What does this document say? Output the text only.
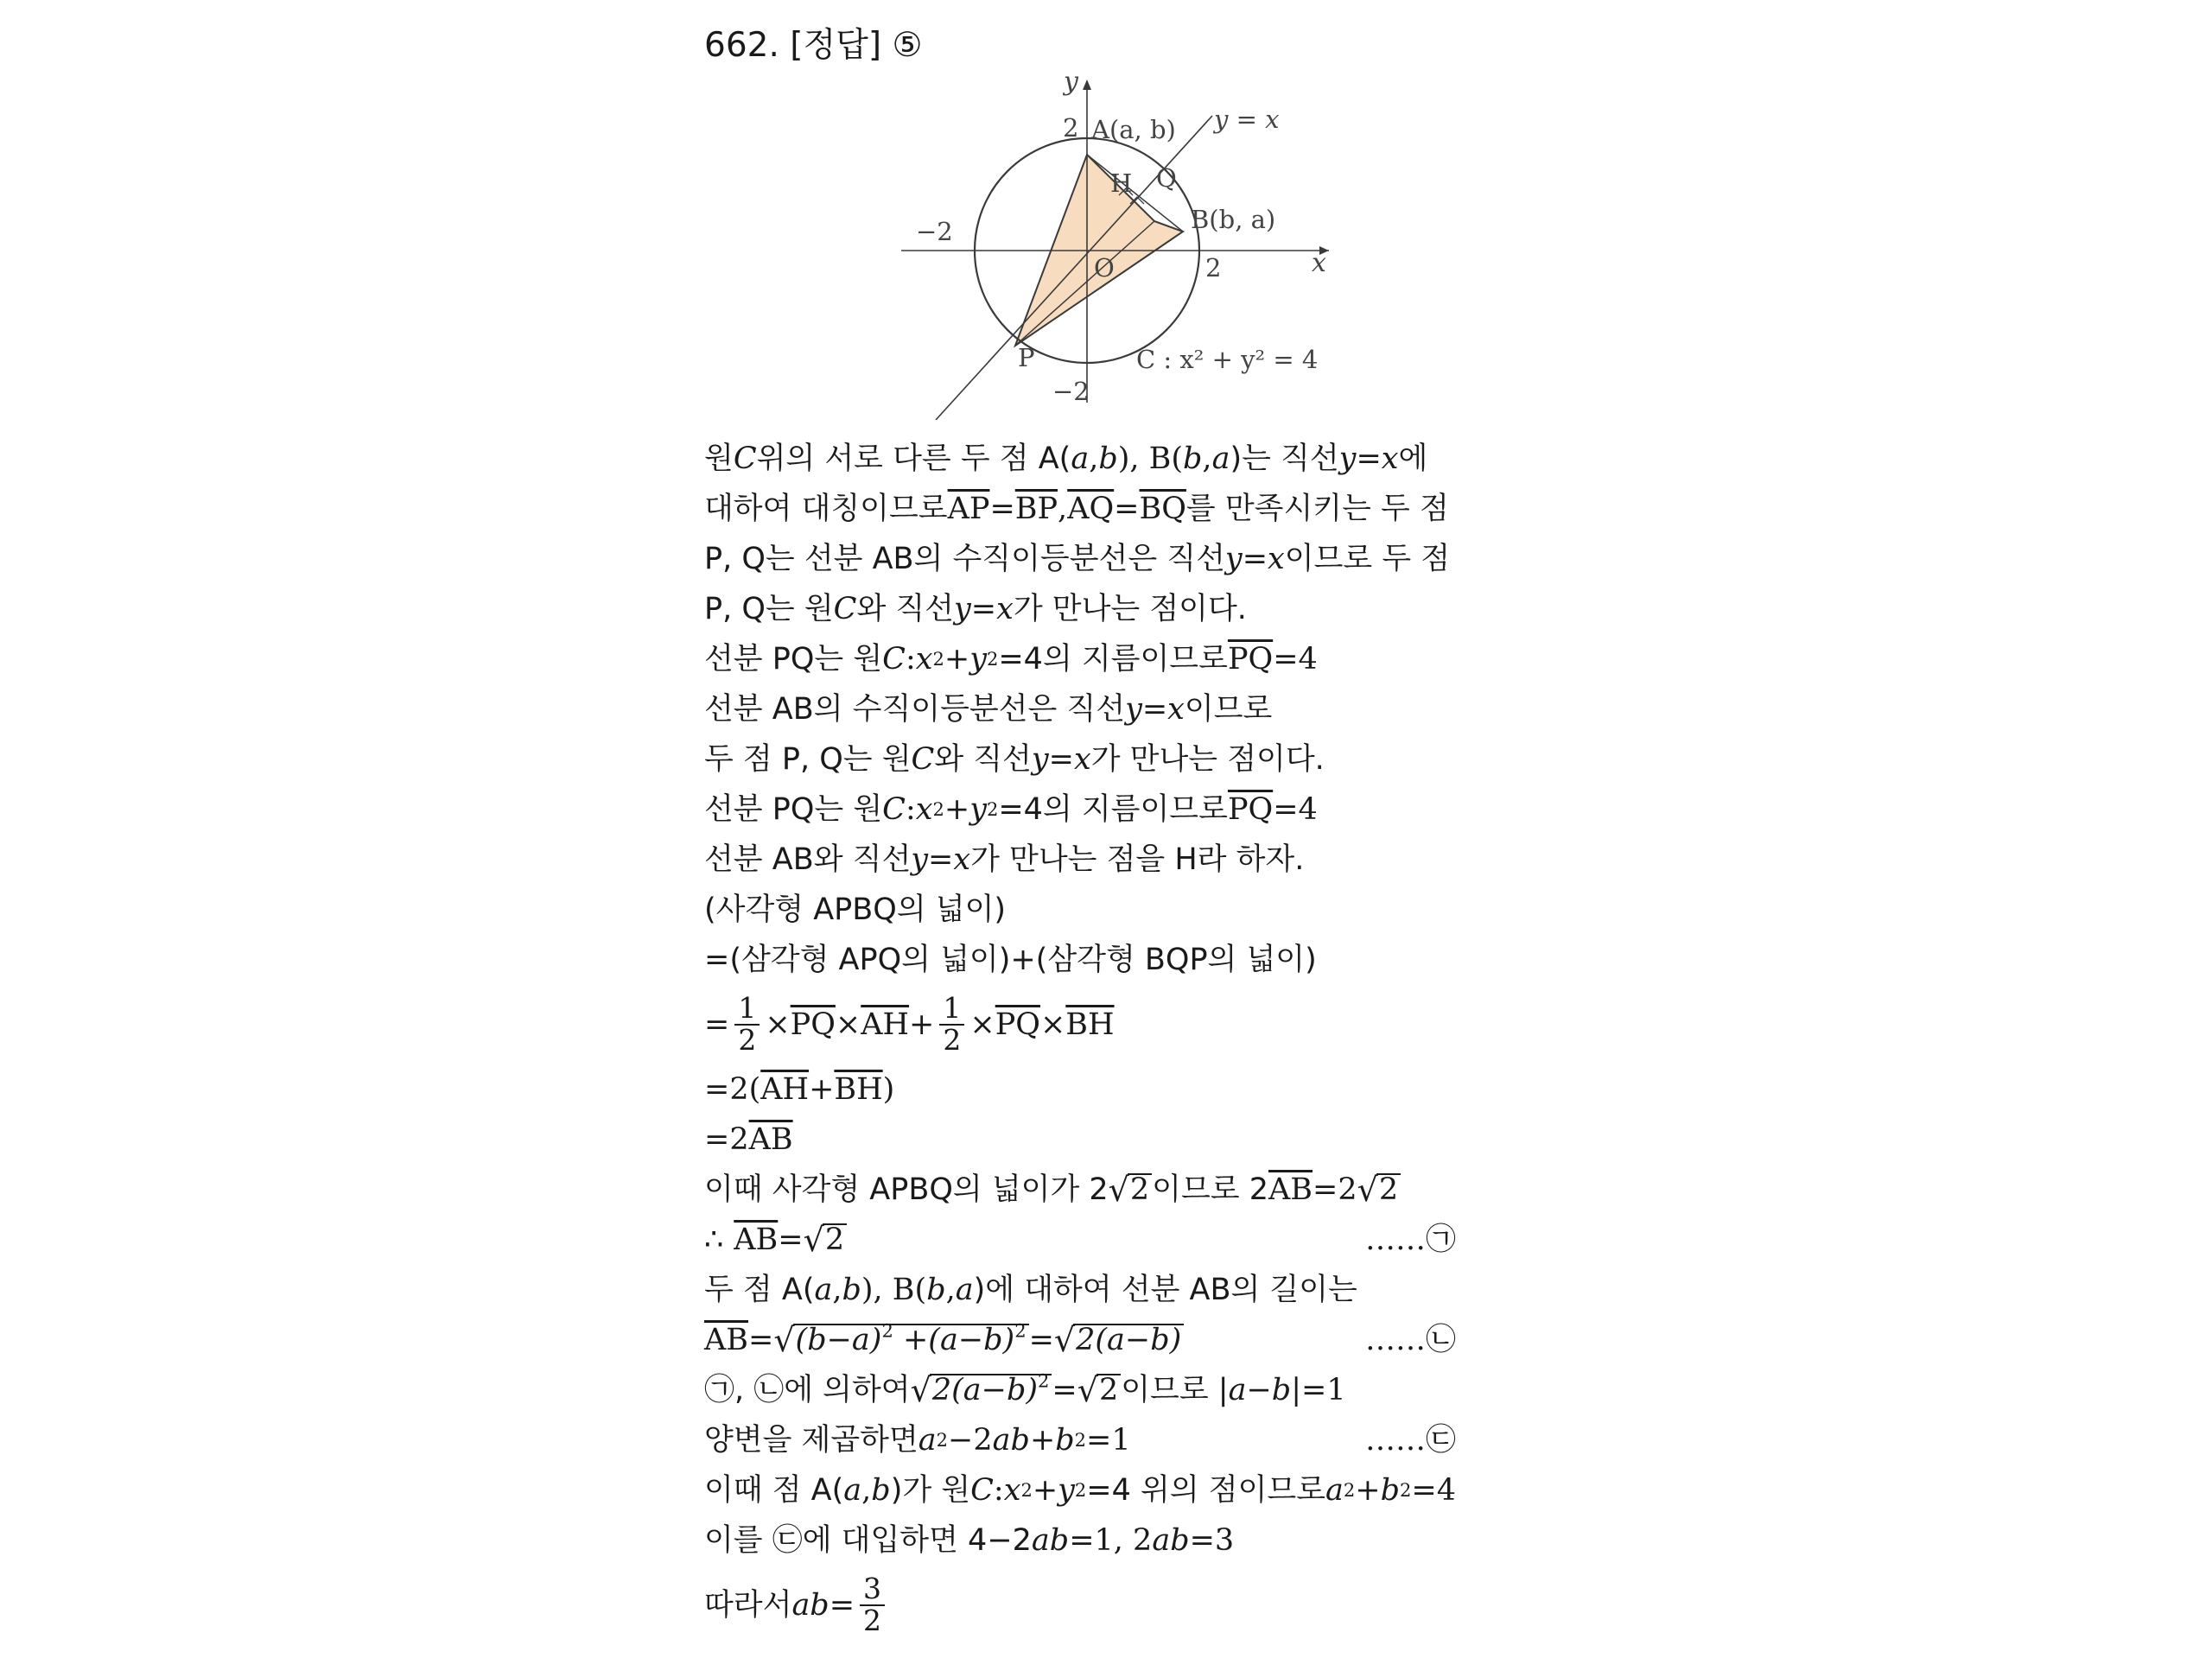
662. [정답] ⑤
y
x
2
−2
2
−2
O
A(a, b) y = x
H Q
B(b, a)
P	C : x² + y² = 4
원 C 위의 서로 다른 두 점 A( a , b ), B( b , a )는 직선 y = x 에
대하여 대칭이므로 $\overline{AP} = \overline{BP}$ , $\overline{AQ} = \overline{BQ}$ 를 만족시키는 두 점
P, Q는 선분 AB의 수직이등분선은 직선 y = x 이므로 두 점
P, Q는 원 C 와 직선 y = x 가 만나는 점이다.
선분 PQ는 원 C : x 2 + y 2 =4의 지름이므로 $\overline{PQ} =4$
선분 AB의 수직이등분선은 직선 y = x 이므로
두 점 P, Q는 원 C 와 직선 y = x 가 만나는 점이다.
선분 PQ는 원 C : x 2 + y 2 =4의 지름이므로 $\overline{PQ} =4$
선분 AB와 직선 y = x 가 만나는 점을 H라 하자.
(사각형 APBQ의 넓이)
=(삼각형 APQ의 넓이)+(삼각형 BQP의 넓이)
= $\frac{1}{2} \times \overline{PQ} \times \overline{AH} + \frac{1}{2} \times \overline{PQ} \times \overline{BH}$
=2( $\overline{AH} + \overline{BH}$ )
=2 $\overline{AB}$
이때 사각형 APBQ의 넓이가 2 √ 2 이므로 2 $\overline{AB} =2$ √ 2
∴ $\overline{AB}$ = √ 2	……㉠
두 점 A( a , b ), B( b , a )에 대하여 선분 AB의 길이는
$\overline{AB}$ = √ $(b-a)^2 +(a-b)^2$ = √ 2(a−b)	……㉡
㉠, ㉡에 의하여 √ $2(a-b)^2$ = √ 2 이므로 | a − b |=1
양변을 제곱하면 a 2 −2 ab + b 2 =1	……㉢
이때 점 A( a , b )가 원 C : x 2 + y 2 =4 위의 점이므로 a 2 + b 2 =4
이를 ㉢에 대입하면 4−2 ab =1, 2 ab =3
따라서 ab = $\frac{3}{2}$
